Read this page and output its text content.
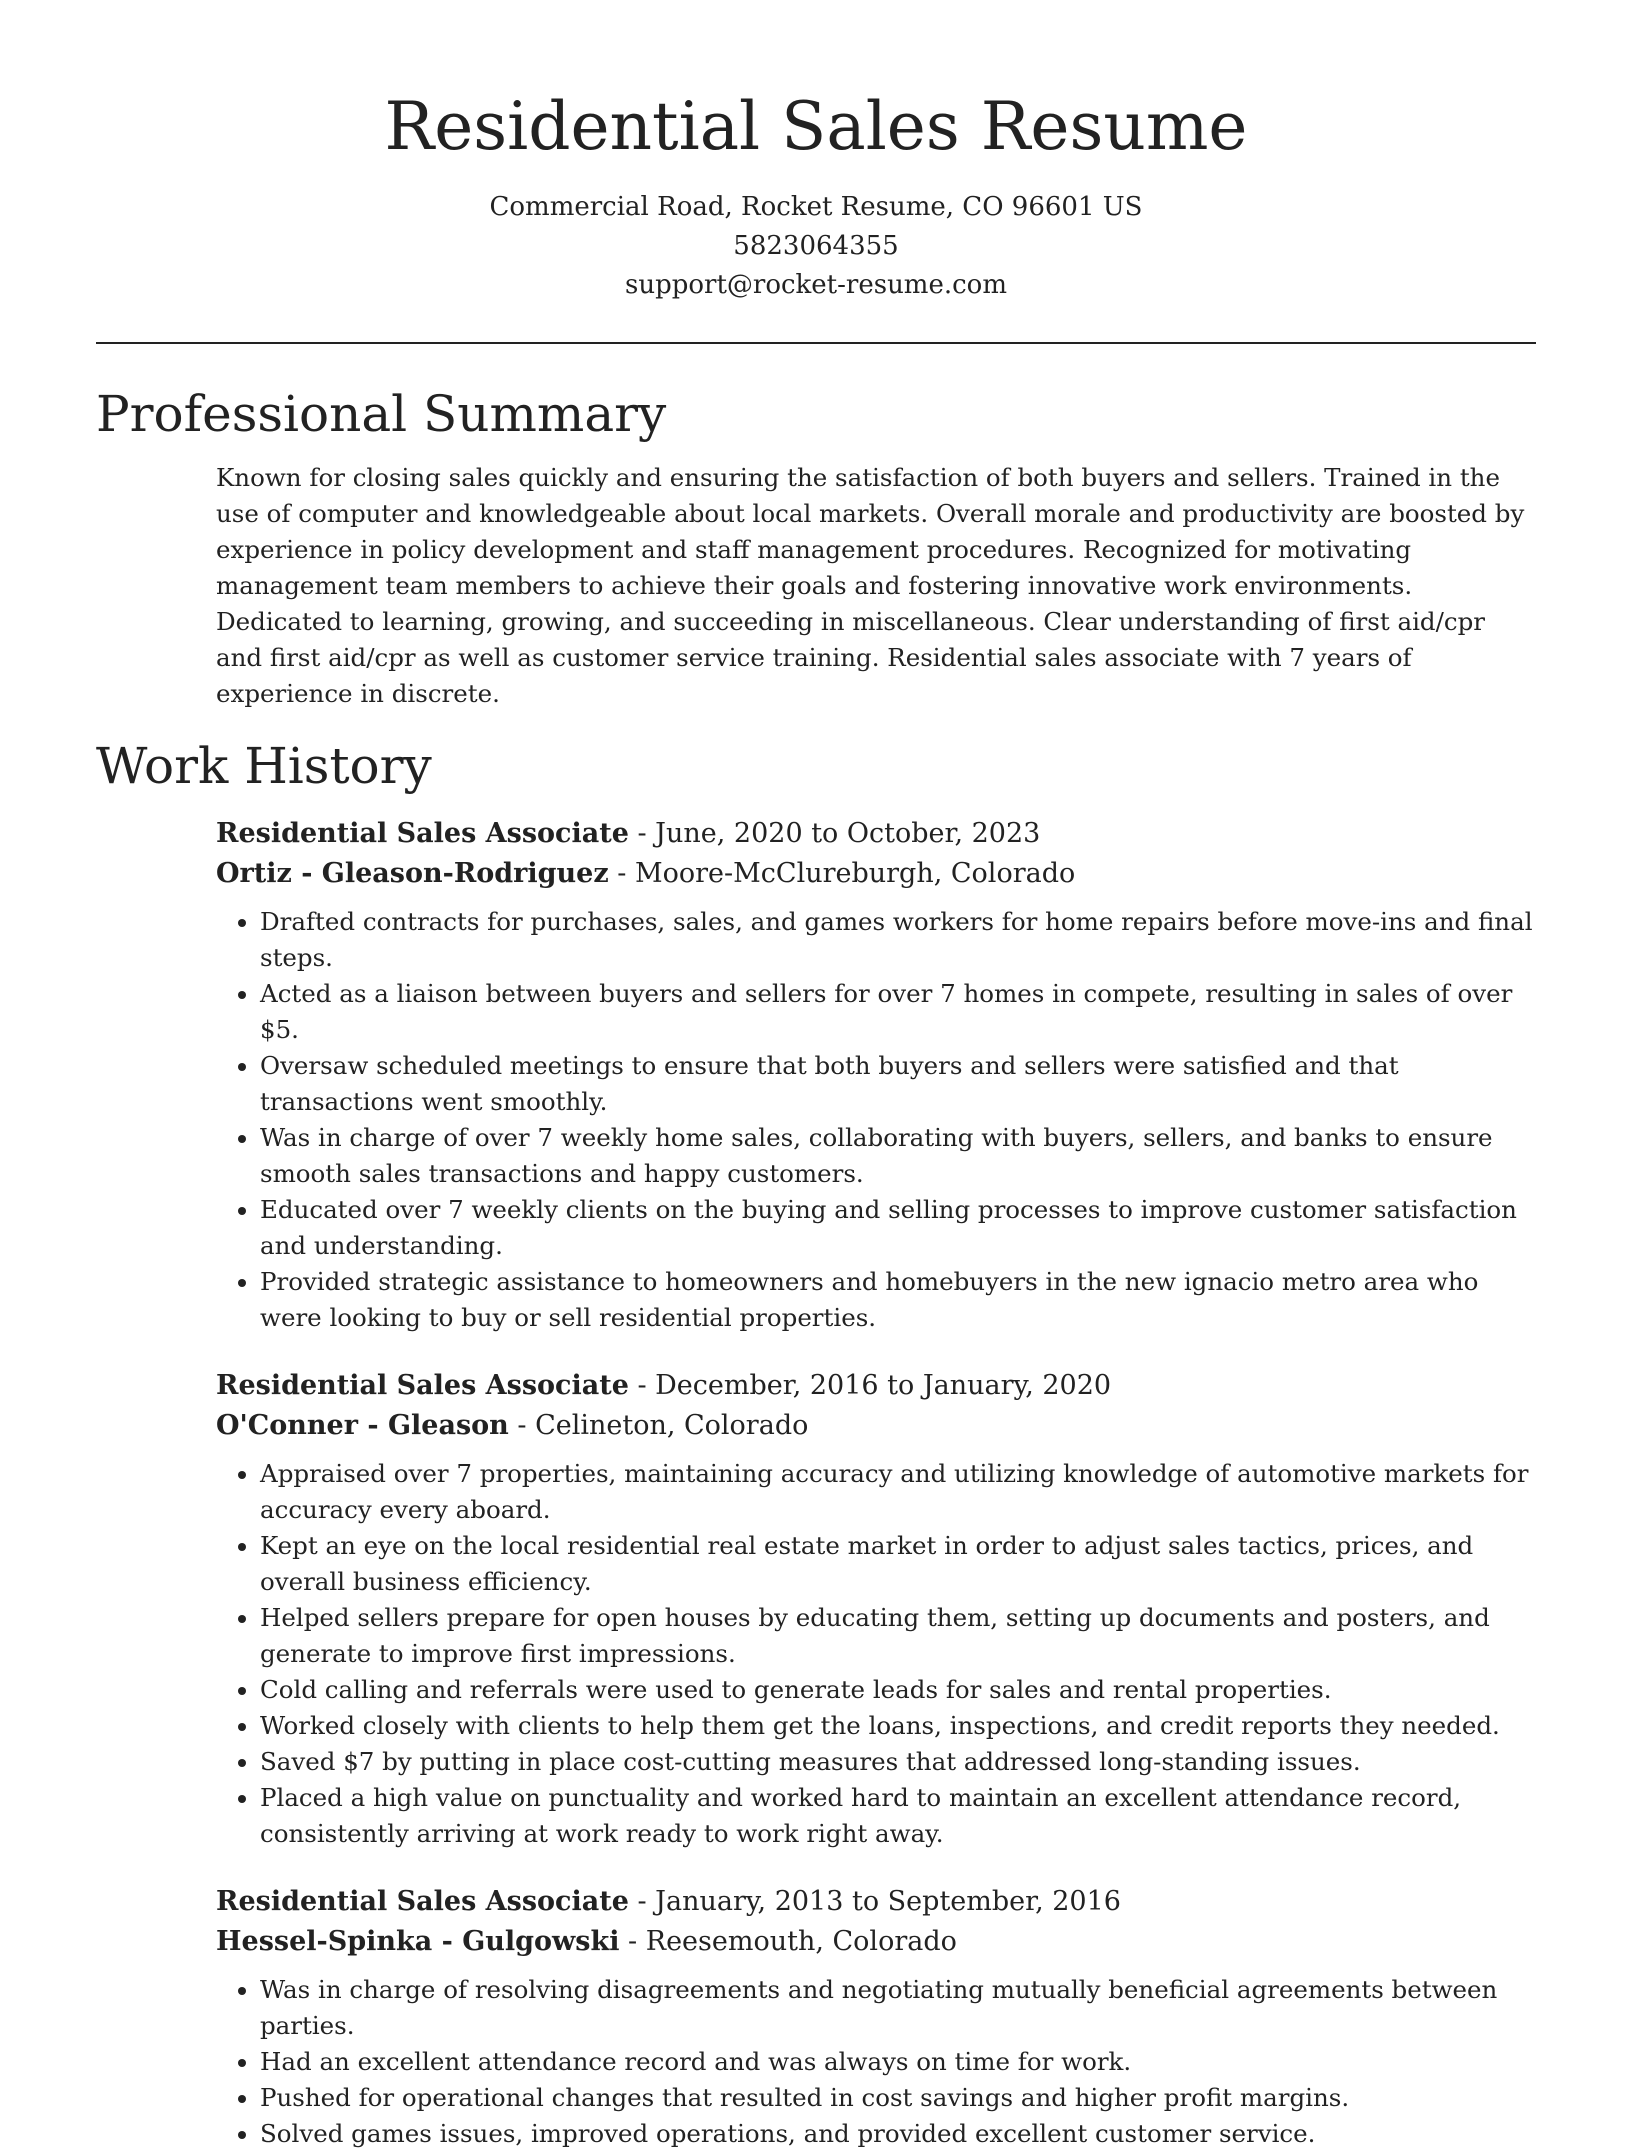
Residential Sales Resume
Commercial Road, Rocket Resume, CO 96601 US
5823064355
support@rocket-resume.com
Professional Summary

Known for closing sales quickly and ensuring the satisfaction of both buyers and sellers. Trained in the use of computer and knowledgeable about local markets. Overall morale and productivity are boosted by experience in policy development and staff management procedures. Recognized for motivating management team members to achieve their goals and fostering innovative work environments. Dedicated to learning, growing, and succeeding in miscellaneous. Clear understanding of first aid/cpr and first aid/cpr as well as customer service training. Residential sales associate with 7 years of experience in discrete.

Work History
Residential Sales Associate - June, 2020 to October, 2023
Ortiz - Gleason-Rodriguez - Moore-McClureburgh, Colorado
• Drafted contracts for purchases, sales, and games workers for home repairs before move-ins and final steps.
• Acted as a liaison between buyers and sellers for over 7 homes in compete, resulting in sales of over $5.
• Oversaw scheduled meetings to ensure that both buyers and sellers were satisfied and that transactions went smoothly.
• Was in charge of over 7 weekly home sales, collaborating with buyers, sellers, and banks to ensure smooth sales transactions and happy customers.
• Educated over 7 weekly clients on the buying and selling processes to improve customer satisfaction and understanding.
• Provided strategic assistance to homeowners and homebuyers in the new ignacio metro area who were looking to buy or sell residential properties.
Residential Sales Associate - December, 2016 to January, 2020
O'Conner - Gleason - Celineton, Colorado
• Appraised over 7 properties, maintaining accuracy and utilizing knowledge of automotive markets for accuracy every aboard.
• Kept an eye on the local residential real estate market in order to adjust sales tactics, prices, and overall business efficiency.
• Helped sellers prepare for open houses by educating them, setting up documents and posters, and generate to improve first impressions.
• Cold calling and referrals were used to generate leads for sales and rental properties.
• Worked closely with clients to help them get the loans, inspections, and credit reports they needed.
• Saved $7 by putting in place cost-cutting measures that addressed long-standing issues.
• Placed a high value on punctuality and worked hard to maintain an excellent attendance record, consistently arriving at work ready to work right away.
Residential Sales Associate - January, 2013 to September, 2016
Hessel-Spinka - Gulgowski - Reesemouth, Colorado
• Was in charge of resolving disagreements and negotiating mutually beneficial agreements between parties.
• Had an excellent attendance record and was always on time for work.
• Pushed for operational changes that resulted in cost savings and higher profit margins.
• Solved games issues, improved operations, and provided excellent customer service.
